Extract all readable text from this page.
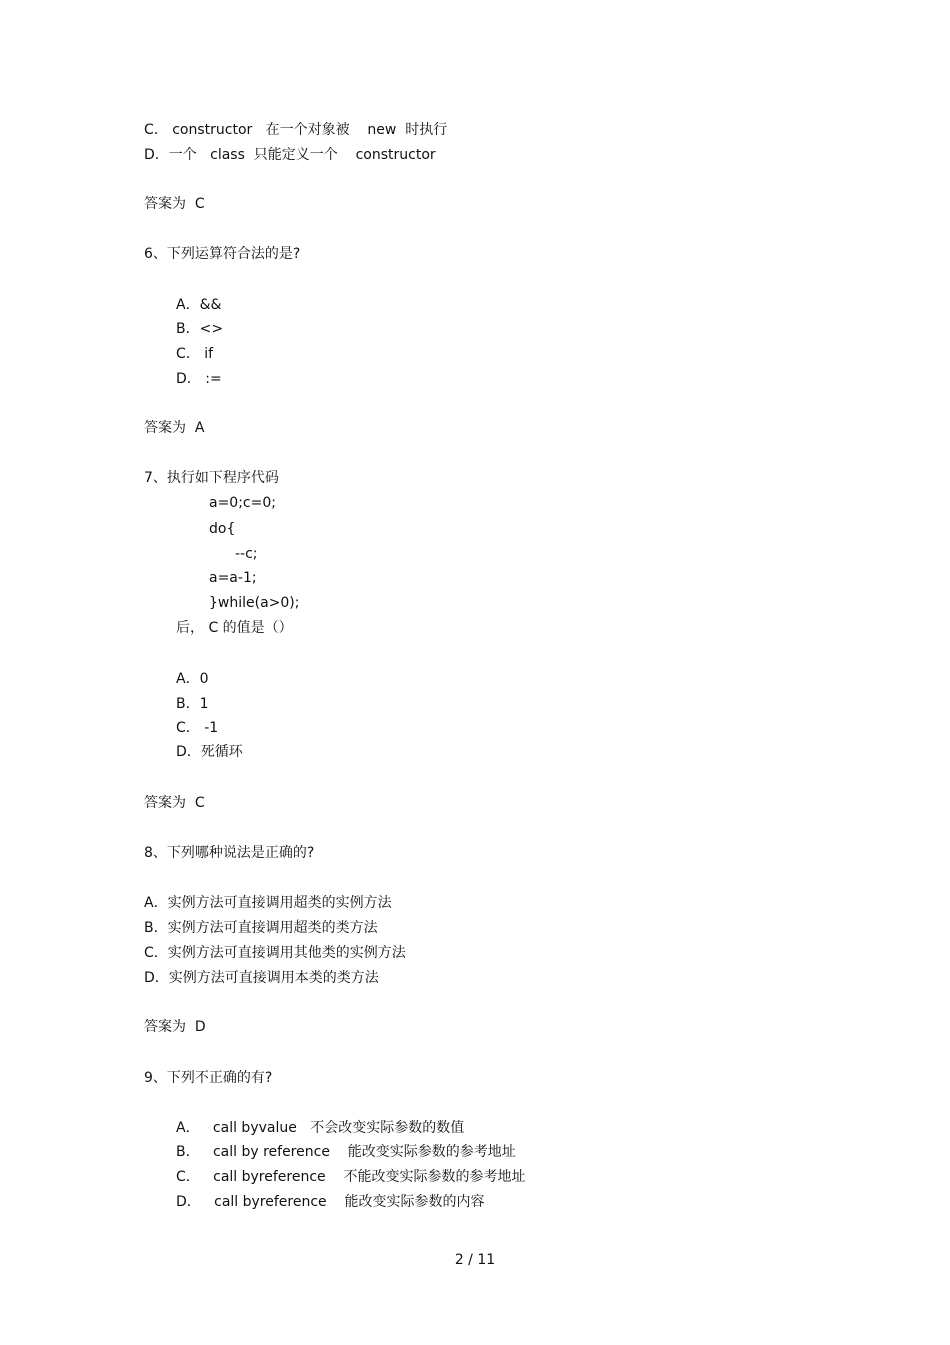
C． constructor   在一个对象被    new  时执行
D．一个   class  只能定义一个    constructor
答案为  C
6、下列运算符合法的是?
A．&&
B．<>
C． if
D． :=
答案为  A
7、执行如下程序代码
a=0;c=0;
do{
--c;
a=a-1;
}while(a>0);
后， C 的值是（）
A．0
B．1
C． -1
D．死循环
答案为  C
8、下列哪种说法是正确的?
A．实例方法可直接调用超类的实例方法
B．实例方法可直接调用超类的类方法
C．实例方法可直接调用其他类的实例方法
D．实例方法可直接调用本类的类方法
答案为  D
9、下列不正确的有?
A．   call byvalue   不会改变实际参数的数值
B．   call by reference    能改变实际参数的参考地址
C．   call byreference    不能改变实际参数的参考地址
D．   call byreference    能改变实际参数的内容
2 / 11
